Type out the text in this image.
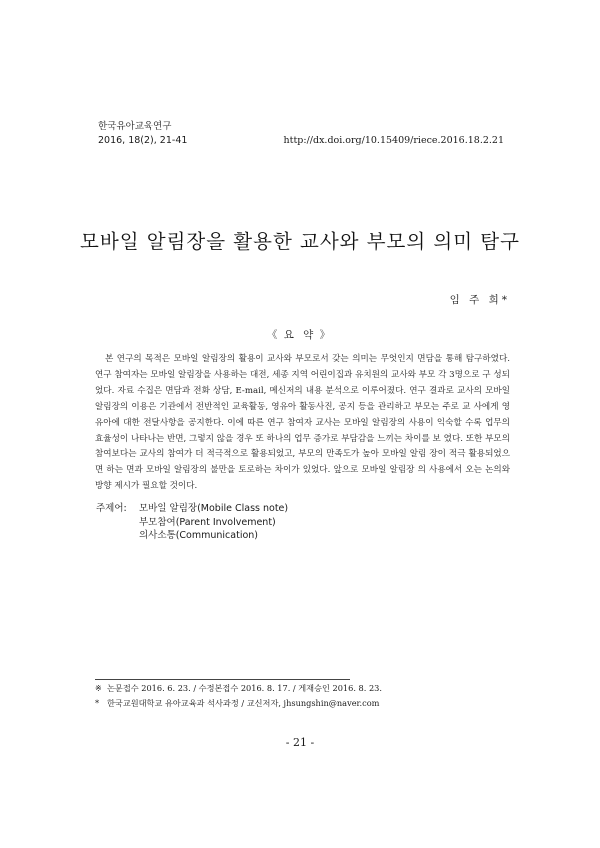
한국유아교육연구
2016, 18(2), 21-41	http://dx.doi.org/10.15409/riece.2016.18.2.21
모바일 알림장을 활용한 교사와 부모의 의미 탐구
임 주 희*
《 요 약 》

본 연구의 목적은 모바일 알림장의 활용이 교사와 부모로서 갖는 의미는 무엇인지 면담을 통해 탐구하였다. 연구 참여자는 모바일 알림장을 사용하는 대전, 세종 지역 어린이집과 유치원의 교사와 부모 각 3명으로 구 성되었다. 자료 수집은 면담과 전화 상담, E-mail, 메신저의 내용 분석으로 이루어졌다. 연구 결과로 교사의 모바일 알림장의 이용은 기관에서 전반적인 교육활동, 영유아 활동사진, 공지 등을 관리하고 부모는 주로 교 사에게 영유아에 대한 전달사항을 공지한다. 이에 따른 연구 참여자 교사는 모바일 알림장의 사용이 익숙할 수록 업무의 효율성이 나타나는 반면, 그렇지 않을 경우 또 하나의 업무 증가로 부담감을 느끼는 차이를 보 였다. 또한 부모의 참여보다는 교사의 참여가 더 적극적으로 활용되었고, 부모의 만족도가 높아 모바일 알림 장이 적극 활용되었으면 하는 면과 모바일 알림장의 불만을 토로하는 차이가 있었다. 앞으로 모바일 알림장 의 사용에서 오는 논의와 방향 제시가 필요할 것이다.

주제어: 모바일 알림장(Mobile Class note)
부모참여(Parent Involvement)
의사소통(Communication)
※ 논문접수 2016. 6. 23. / 수정본접수 2016. 8. 17. / 게재승인 2016. 8. 23.
* 한국교원대학교 유아교육과 석사과정 / 교신저자, jhsungshin@naver.com
- 21 -
